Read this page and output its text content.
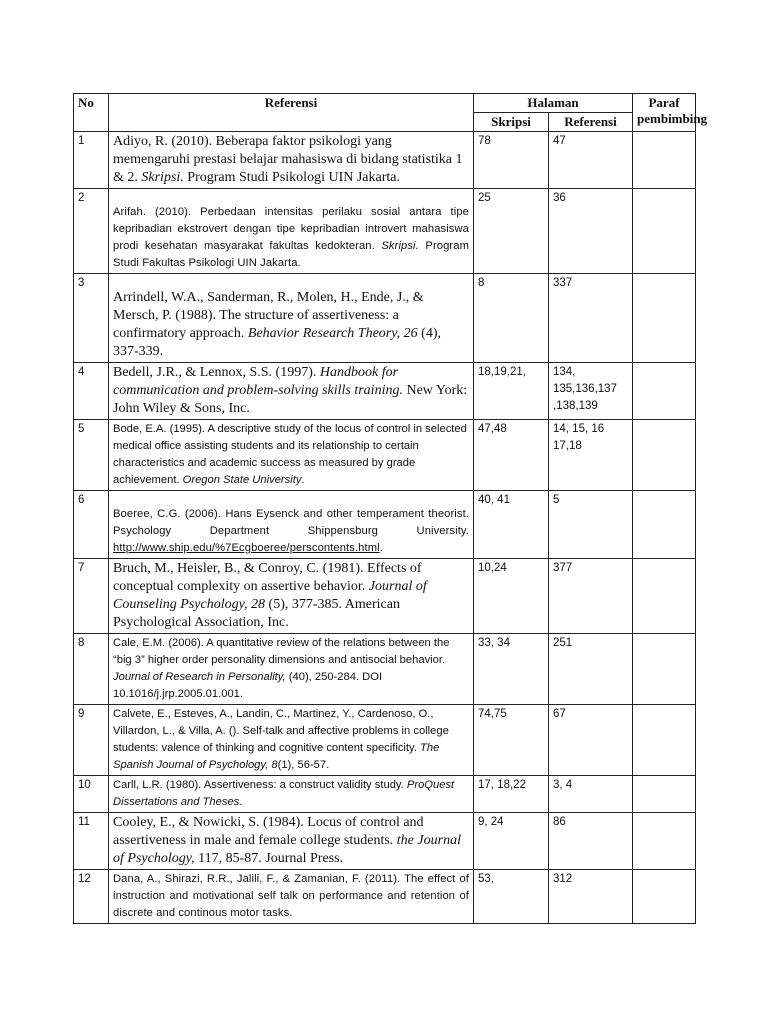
No	Referensi	Halaman		Paraf pembimbing
		Skripsi	Referensi	
1	Adiyo, R. (2010). Beberapa faktor psikologi yang memengaruhi prestasi belajar mahasiswa di bidang statistika 1 & 2. Skripsi. Program Studi Psikologi UIN Jakarta.	78	47	
2	Arifah. (2010). Perbedaan intensitas perilaku sosial antara tipe kepribadian ekstrovert dengan tipe kepribadian introvert mahasiswa prodi kesehatan masyarakat fakultas kedokteran. Skripsi. Program Studi Fakultas Psikologi UIN Jakarta.	25	36	
3	Arrindell, W.A., Sanderman, R., Molen, H., Ende, J., & Mersch, P. (1988). The structure of assertiveness: a confirmatory approach. Behavior Research Theory, 26 (4), 337-339.	8	337	
4	Bedell, J.R., & Lennox, S.S. (1997). Handbook for communication and problem-solving skills training. New York: John Wiley & Sons, Inc.	18,19,21,	134, 135,136,137 ,138,139	
5	Bode, E.A. (1995). A descriptive study of the locus of control in selected medical office assisting students and its relationship to certain characteristics and academic success as measured by grade achievement. Oregon State University.	47,48	14, 15, 16 17,18	
6	Boeree, C.G. (2006). Hans Eysenck and other temperament theorist. Psychology Department Shippensburg University. http://www.ship.edu/%7Ecgboeree/perscontents.html.	40, 41	5	
7	Bruch, M., Heisler, B., & Conroy, C. (1981). Effects of conceptual complexity on assertive behavior. Journal of Counseling Psychology, 28 (5), 377-385. American Psychological Association, Inc.	10,24	377	
8	Cale, E.M. (2006). A quantitative review of the relations between the “big 3” higher order personality dimensions and antisocial behavior. Journal of Research in Personality, (40), 250-284. DOI 10.1016/j.jrp.2005.01.001.	33, 34	251	
9	Calvete, E., Esteves, A., Landin, C., Martinez, Y., Cardenoso, O., Villardon, L., & Villa, A. (). Self-talk and affective problems in college students: valence of thinking and cognitive content specificity. The Spanish Journal of Psychology, 8(1), 56-57.	74,75	67	
10	Carll, L.R. (1980). Assertiveness: a construct validity study. ProQuest Dissertations and Theses.	17, 18,22	3, 4	
11	Cooley, E., & Nowicki, S. (1984). Locus of control and assertiveness in male and female college students. the Journal of Psychology, 117, 85-87. Journal Press.	9, 24	86	
12	Dana, A., Shirazi, R.R., Jalili, F., & Zamanian, F. (2011). The effect of instruction and motivational self talk on performance and retention of discrete and continous motor tasks.	53,	312	
